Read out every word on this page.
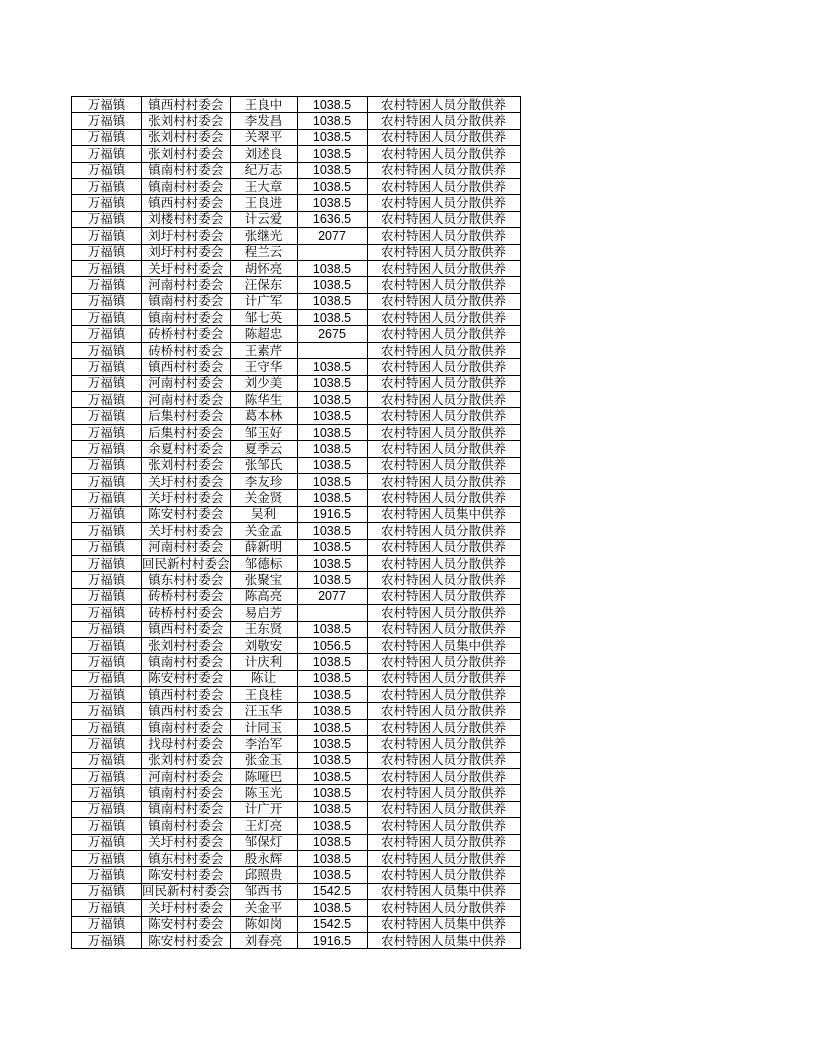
万福镇	镇西村村委会	王良中	1038.5	农村特困人员分散供养
万福镇	张刘村村委会	李发昌	1038.5	农村特困人员分散供养
万福镇	张刘村村委会	关翠平	1038.5	农村特困人员分散供养
万福镇	张刘村村委会	刘述良	1038.5	农村特困人员分散供养
万福镇	镇南村村委会	纪万志	1038.5	农村特困人员分散供养
万福镇	镇南村村委会	王大章	1038.5	农村特困人员分散供养
万福镇	镇西村村委会	王良进	1038.5	农村特困人员分散供养
万福镇	刘楼村村委会	计云爱	1636.5	农村特困人员分散供养
万福镇	刘圩村村委会	张继光	2077	农村特困人员分散供养
万福镇	刘圩村村委会	程兰云		农村特困人员分散供养
万福镇	关圩村村委会	胡怀亮	1038.5	农村特困人员分散供养
万福镇	河南村村委会	汪保东	1038.5	农村特困人员分散供养
万福镇	镇南村村委会	计广军	1038.5	农村特困人员分散供养
万福镇	镇南村村委会	邹七英	1038.5	农村特困人员分散供养
万福镇	砖桥村村委会	陈超忠	2675	农村特困人员分散供养
万福镇	砖桥村村委会	王素芹		农村特困人员分散供养
万福镇	镇西村村委会	王守华	1038.5	农村特困人员分散供养
万福镇	河南村村委会	刘少美	1038.5	农村特困人员分散供养
万福镇	河南村村委会	陈华生	1038.5	农村特困人员分散供养
万福镇	后集村村委会	葛本林	1038.5	农村特困人员分散供养
万福镇	后集村村委会	邹玉好	1038.5	农村特困人员分散供养
万福镇	余夏村村委会	夏季云	1038.5	农村特困人员分散供养
万福镇	张刘村村委会	张邹氏	1038.5	农村特困人员分散供养
万福镇	关圩村村委会	李友珍	1038.5	农村特困人员分散供养
万福镇	关圩村村委会	关金贤	1038.5	农村特困人员分散供养
万福镇	陈安村村委会	吴利	1916.5	农村特困人员集中供养
万福镇	关圩村村委会	关金孟	1038.5	农村特困人员分散供养
万福镇	河南村村委会	薛新明	1038.5	农村特困人员分散供养
万福镇	回民新村村委会	邹德标	1038.5	农村特困人员分散供养
万福镇	镇东村村委会	张聚宝	1038.5	农村特困人员分散供养
万福镇	砖桥村村委会	陈高亮	2077	农村特困人员分散供养
万福镇	砖桥村村委会	易启芳		农村特困人员分散供养
万福镇	镇西村村委会	王东贤	1038.5	农村特困人员分散供养
万福镇	张刘村村委会	刘敬安	1056.5	农村特困人员集中供养
万福镇	镇南村村委会	计庆利	1038.5	农村特困人员分散供养
万福镇	陈安村村委会	陈让	1038.5	农村特困人员分散供养
万福镇	镇西村村委会	王良桂	1038.5	农村特困人员分散供养
万福镇	镇西村村委会	汪玉华	1038.5	农村特困人员分散供养
万福镇	镇南村村委会	计同玉	1038.5	农村特困人员分散供养
万福镇	找母村村委会	李治军	1038.5	农村特困人员分散供养
万福镇	张刘村村委会	张金玉	1038.5	农村特困人员分散供养
万福镇	河南村村委会	陈哑巴	1038.5	农村特困人员分散供养
万福镇	镇南村村委会	陈玉光	1038.5	农村特困人员分散供养
万福镇	镇南村村委会	计广开	1038.5	农村特困人员分散供养
万福镇	镇南村村委会	王灯亮	1038.5	农村特困人员分散供养
万福镇	关圩村村委会	邹保灯	1038.5	农村特困人员分散供养
万福镇	镇东村村委会	殷永辉	1038.5	农村特困人员分散供养
万福镇	陈安村村委会	邱照贵	1038.5	农村特困人员分散供养
万福镇	回民新村村委会	邹西书	1542.5	农村特困人员集中供养
万福镇	关圩村村委会	关金平	1038.5	农村特困人员分散供养
万福镇	陈安村村委会	陈如岗	1542.5	农村特困人员集中供养
万福镇	陈安村村委会	刘春亮	1916.5	农村特困人员集中供养
